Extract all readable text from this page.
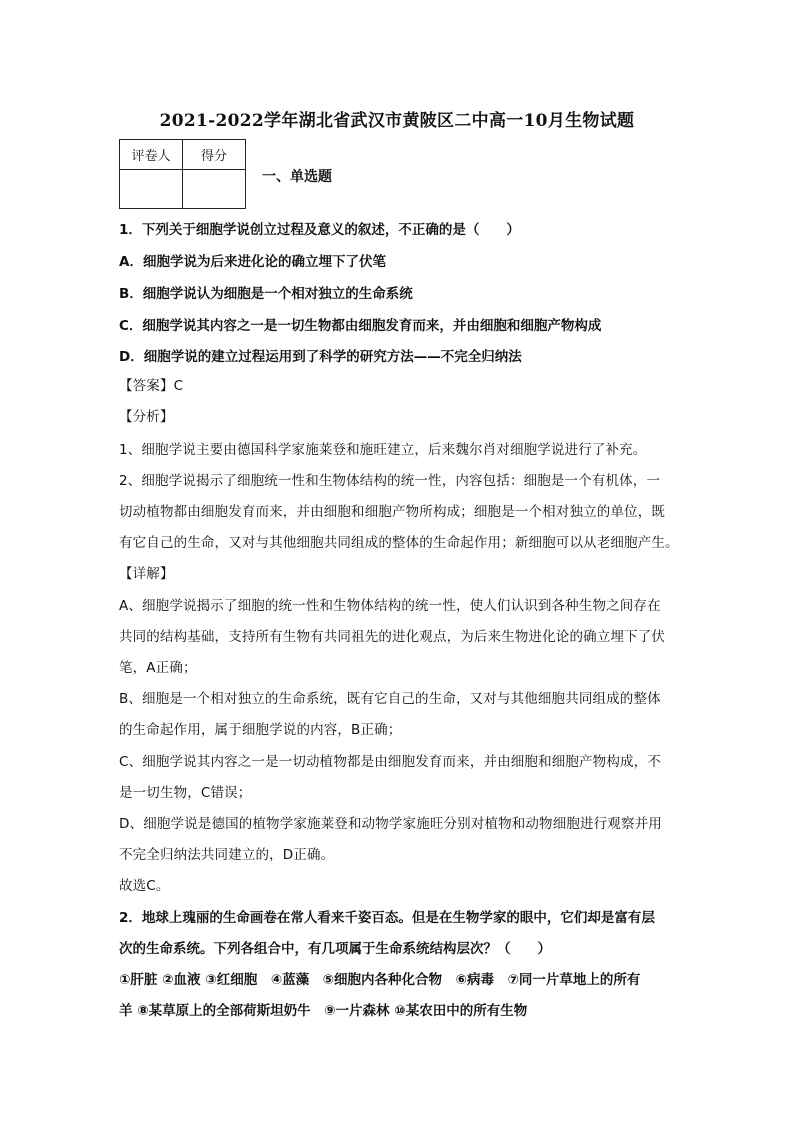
2021-2022学年湖北省武汉市黄陂区二中高一10月生物试题
评卷人	得分

一、单选题
1．下列关于细胞学说创立过程及意义的叙述，不正确的是（　　）
A．细胞学说为后来进化论的确立埋下了伏笔
B．细胞学说认为细胞是一个相对独立的生命系统
C．细胞学说其内容之一是一切生物都由细胞发育而来，并由细胞和细胞产物构成
D．细胞学说的建立过程运用到了科学的研究方法——不完全归纳法
【答案】C
【分析】
1、细胞学说主要由德国科学家施莱登和施旺建立，后来魏尔肖对细胞学说进行了补充。
2、细胞学说揭示了细胞统一性和生物体结构的统一性，内容包括：细胞是一个有机体，一
切动植物都由细胞发育而来，并由细胞和细胞产物所构成；细胞是一个相对独立的单位，既
有它自己的生命，又对与其他细胞共同组成的整体的生命起作用；新细胞可以从老细胞产生。
【详解】
A、细胞学说揭示了细胞的统一性和生物体结构的统一性，使人们认识到各种生物之间存在
共同的结构基础，支持所有生物有共同祖先的进化观点，为后来生物进化论的确立埋下了伏
笔，A正确；
B、细胞是一个相对独立的生命系统，既有它自己的生命，又对与其他细胞共同组成的整体
的生命起作用，属于细胞学说的内容，B正确；
C、细胞学说其内容之一是一切动植物都是由细胞发育而来，并由细胞和细胞产物构成，不
是一切生物，C错误；
D、细胞学说是德国的植物学家施莱登和动物学家施旺分别对植物和动物细胞进行观察并用
不完全归纳法共同建立的，D正确。
故选C。
2．地球上瑰丽的生命画卷在常人看来千姿百态。但是在生物学家的眼中，它们却是富有层
次的生命系统。下列各组合中，有几项属于生命系统结构层次？（　　）
①肝脏 ②血液 ③红细胞　④蓝藻　⑤细胞内各种化合物　⑥病毒　⑦同一片草地上的所有
羊 ⑧某草原上的全部荷斯坦奶牛　⑨一片森林 ⑩某农田中的所有生物
